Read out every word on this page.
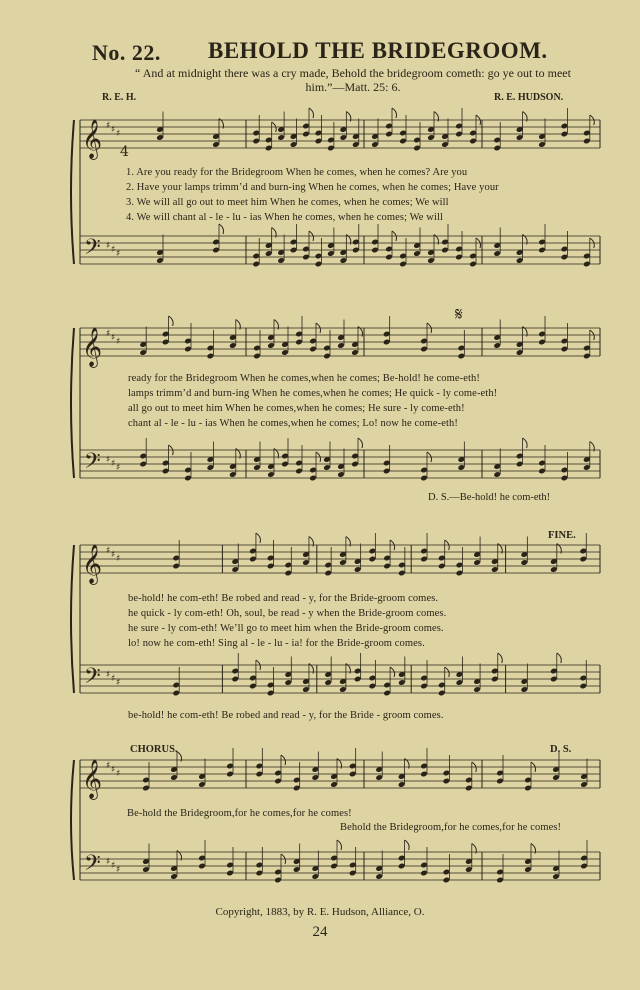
No. 22. BEHOLD THE BRIDEGROOM.
“ And at midnight there was a cry made, Behold the bridegroom cometh: go ye out to meet him.”—Matt. 25: 6.
R. E. H.	R. E. HUDSON.
𝄞
𝄢
♯
♯
♯
♯
♯
♯
4
𝄞
𝄢
♯
♯
♯
♯
♯
♯
𝄋
𝄞
𝄢
♯
♯
♯
♯
♯
♯
𝄞
𝄢
♯
♯
♯
♯
♯
♯
1. Are you ready for the Bridegroom When he comes, when he comes? Are you
2. Have your lamps trimm’d and burn-ing When he comes, when he comes; Have your
3. We will all go out to meet him When he comes, when he comes; We will
4. We will chant al - le - lu - ias When he comes, when he comes; We will
ready for the Bridegroom When he comes,when he comes; Be-hold! he come-eth!
lamps trimm’d and burn-ing When he comes,when he comes; He quick - ly come-eth!
all go out to meet him When he comes,when he comes; He sure - ly come-eth!
chant al - le - lu - ias When he comes,when he comes; Lo! now he come-eth!
D. S.—Be-hold! he com-eth!
FINE.
be-hold! he com-eth! Be robed and read - y, for the Bride-groom comes.
he quick - ly com-eth! Oh, soul, be read - y when the Bride-groom comes.
he sure - ly com-eth! We’ll go to meet him when the Bride-groom comes.
lo! now he com-eth! Sing al - le - lu - ia! for the Bride-groom comes.
be-hold! he com-eth! Be robed and read - y, for the Bride - groom comes.
CHORUS.	D. S.
Be-hold the Bridegroom,for he comes,for he comes!
Behold the Bridegroom,for he comes,for he comes!
Copyright, 1883, by R. E. Hudson, Alliance, O.
24
